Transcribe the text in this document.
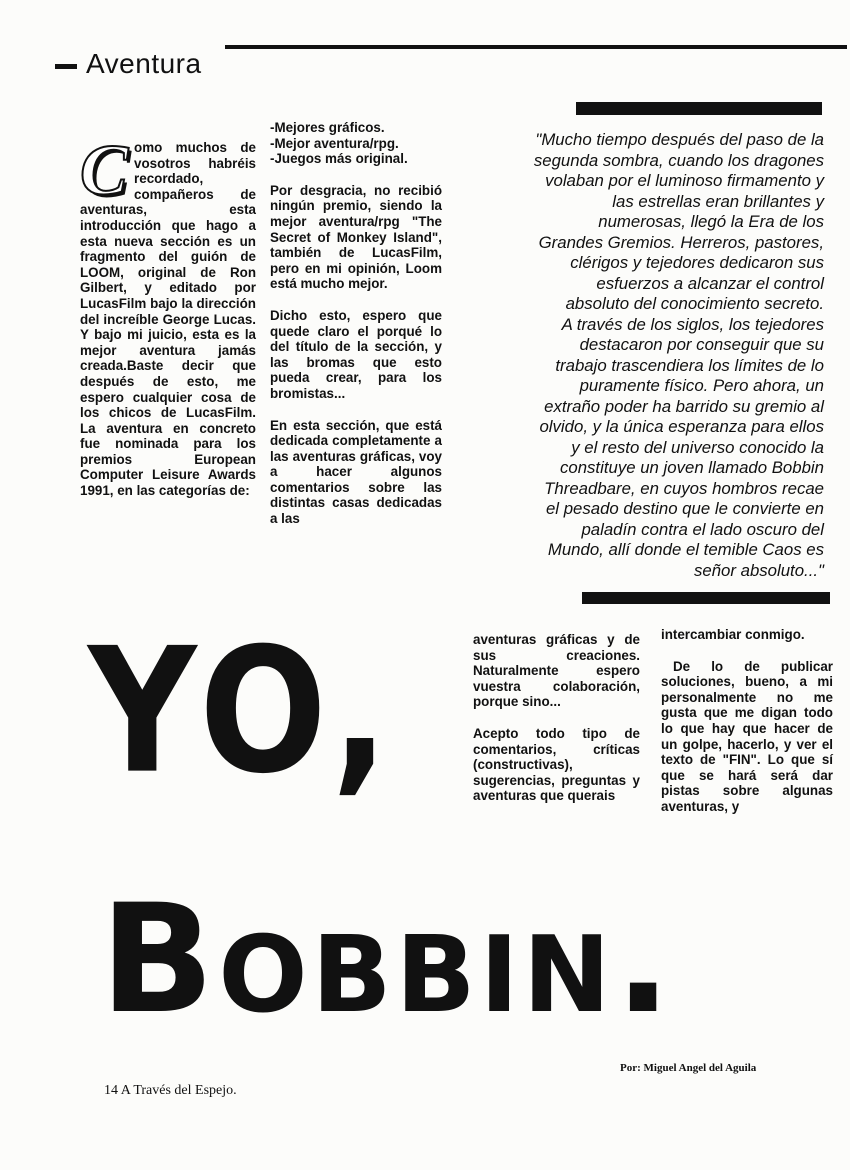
Aventura

Como muchos de vosotros habréis recordado, compañeros de aventuras, esta introducción que hago a esta nueva sección es un fragmento del guión de LOOM, original de Ron Gilbert, y editado por LucasFilm bajo la dirección del increíble George Lucas. Y bajo mi juicio, esta es la mejor aventura jamás creada.Baste decir que después de esto, me espero cualquier cosa de los chicos de LucasFilm. La aventura en concreto fue nominada para los premios European Computer Leisure Awards 1991, en las categorías de:

-Mejores gráficos.
-Mejor aventura/rpg.
-Juegos más original.

Por desgracia, no recibió ningún premio, siendo la mejor aventura/rpg "The Secret of Monkey Island", también de LucasFilm, pero en mi opinión, Loom está mucho mejor.

Dicho esto, espero que quede claro el porqué lo del título de la sección, y las bromas que esto pueda crear, para los bromistas...

En esta sección, que está dedicada completamente a las aventuras gráficas, voy a hacer algunos comentarios sobre las distintas casas dedicadas a las

"Mucho tiempo después del paso de la

segunda sombra, cuando los dragones

volaban por el luminoso firmamento y

las estrellas eran brillantes y

numerosas, llegó la Era de los

Grandes Gremios. Herreros, pastores,

clérigos y tejedores dedicaron sus

esfuerzos a alcanzar el control

absoluto del conocimiento secreto.

A través de los siglos, los tejedores

destacaron por conseguir que su

trabajo trascendiera los límites de lo

puramente físico. Pero ahora, un

extraño poder ha barrido su gremio al

olvido, y la única esperanza para ellos

y el resto del universo conocido la

constituye un joven llamado Bobbin

Threadbare, en cuyos hombros recae

el pesado destino que le convierte en

paladín contra el lado oscuro del

Mundo, allí donde el temible Caos es

señor absoluto..."

aventuras gráficas y de sus creaciones. Naturalmente espero vuestra colaboración, porque sino...

Acepto todo tipo de comentarios, críticas (constructivas), sugerencias, preguntas y aventuras que querais

intercambiar conmigo.

De lo de publicar soluciones, bueno, a mi personalmente no me gusta que me digan todo lo que hay que hacer de un golpe, hacerlo, y ver el texto de "FIN". Lo que sí que se hará será dar pistas sobre algunas aventuras, y

YO,
Bobbin.
Por: Miguel Angel del Aguila
14 A Través del Espejo.
